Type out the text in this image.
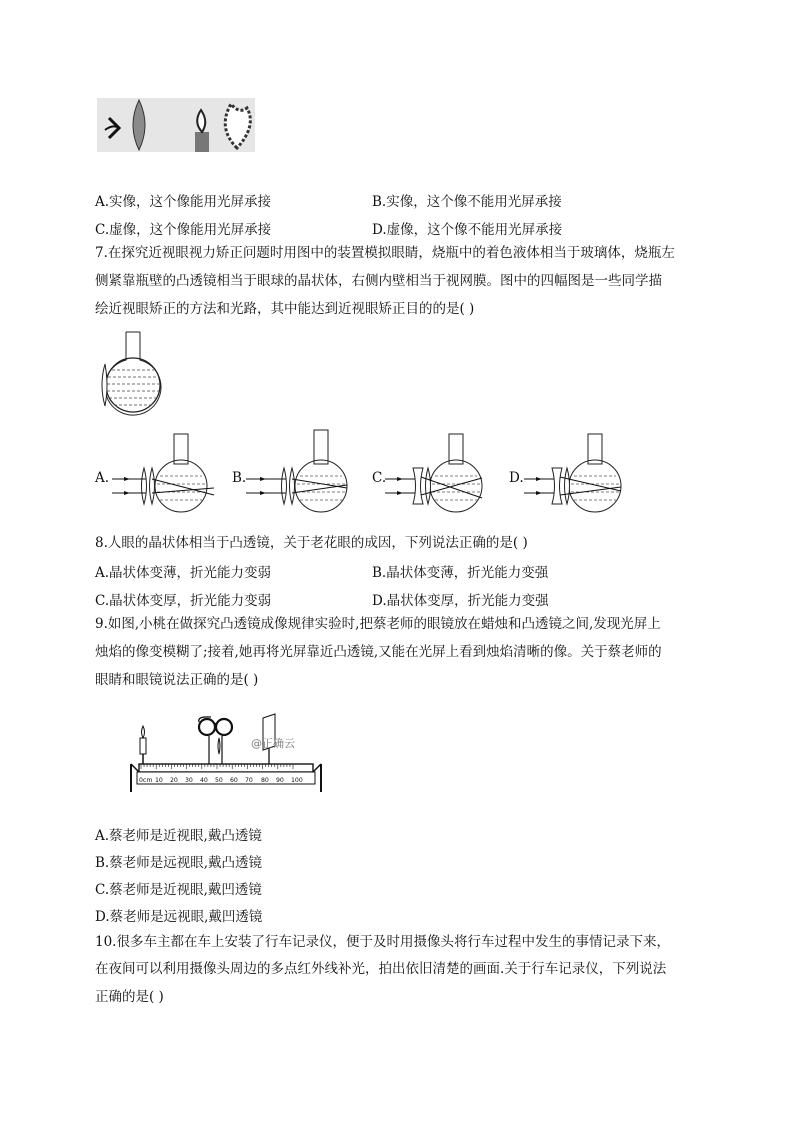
A.实像，这个像能用光屏承接	B.实像，这个像不能用光屏承接
C.虚像，这个像能用光屏承接	D.虚像，这个像不能用光屏承接
7.在探究近视眼视力矫正问题时用图中的装置模拟眼睛，烧瓶中的着色液体相当于玻璃体，烧瓶左
侧紧靠瓶壁的凸透镜相当于眼球的晶状体，右侧内壁相当于视网膜。图中的四幅图是一些同学描
绘近视眼矫正的方法和光路，其中能达到近视眼矫正目的的是( )
A.	B.	C.	D.
8.人眼的晶状体相当于凸透镜，关于老花眼的成因，下列说法正确的是( )
A.晶状体变薄，折光能力变弱	B.晶状体变薄，折光能力变强
C.晶状体变厚，折光能力变弱	D.晶状体变厚，折光能力变强
9.如图,小桃在做探究凸透镜成像规律实验时,把蔡老师的眼镜放在蜡烛和凸透镜之间,发现光屏上
烛焰的像变模糊了;接着,她再将光屏靠近凸透镜,又能在光屏上看到烛焰清晰的像。关于蔡老师的
眼睛和眼镜说法正确的是( )
0cm 10 20 30 40 50 60 70 80 90 100
@正确云
A.蔡老师是近视眼,戴凸透镜
B.蔡老师是远视眼,戴凸透镜
C.蔡老师是近视眼,戴凹透镜
D.蔡老师是远视眼,戴凹透镜
10.很多车主都在车上安装了行车记录仪，便于及时用摄像头将行车过程中发生的事情记录下来，
在夜间可以利用摄像头周边的多点红外线补光，拍出依旧清楚的画面.关于行车记录仪，下列说法
正确的是( )
